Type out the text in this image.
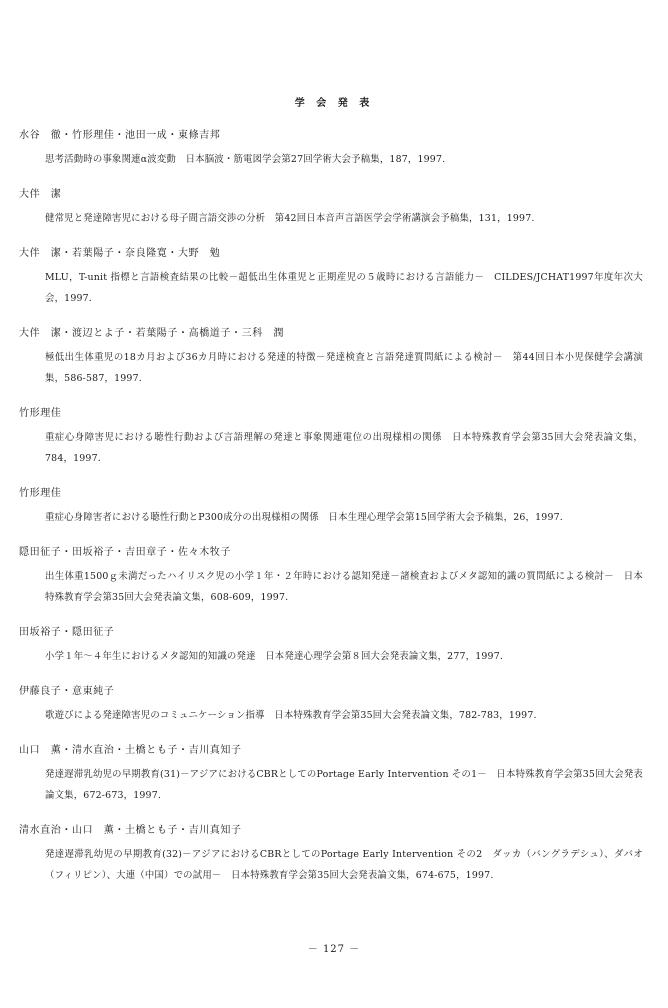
学 会 発 表
水谷　徹・竹形理佳・池田一成・東條吉邦
思考活動時の事象関連α波変動　日本脳波・筋電図学会第27回学術大会予稿集，187，1997.
大伴　潔
健常児と発達障害児における母子間言語交渉の分析　第42回日本音声言語医学会学術講演会予稿集，131，1997.
大伴　潔・若葉陽子・奈良隆寛・大野　勉
MLU，T-unit 指標と言語検査結果の比較－超低出生体重児と正期産児の５歳時における言語能力－　CILDES/JCHAT1997年度年次大会，1997.
大伴　潔・渡辺とよ子・若葉陽子・高橋道子・三科　潤
極低出生体重児の18カ月および36カ月時における発達的特徴－発達検査と言語発達質問紙による検討－　第44回日本小児保健学会講演集，586-587，1997.
竹形理佳
重症心身障害児における聴性行動および言語理解の発達と事象関連電位の出現様相の関係　日本特殊教育学会第35回大会発表論文集，784，1997.
竹形理佳
重症心身障害者における聴性行動とP300成分の出現様相の関係　日本生理心理学会第15回学術大会予稿集，26，1997.
隠田征子・田坂裕子・吉田章子・佐々木牧子
出生体重1500ｇ未満だったハイリスク児の小学１年・２年時における認知発達－諸検査およびメタ認知的識の質問紙による検討－　日本特殊教育学会第35回大会発表論文集，608-609，1997.
田坂裕子・隠田征子
小学１年～４年生におけるメタ認知的知識の発達　日本発達心理学会第８回大会発表論文集，277，1997.
伊藤良子・意東純子
歌遊びによる発達障害児のコミュニケーション指導　日本特殊教育学会第35回大会発表論文集，782-783，1997.
山口　薫・清水直治・土橋とも子・吉川真知子
発達遅滞乳幼児の早期教育(31)－アジアにおけるCBRとしてのPortage Early Intervention その1－　日本特殊教育学会第35回大会発表論文集，672-673，1997.
清水直治・山口　薫・土橋とも子・吉川真知子
発達遅滞乳幼児の早期教育(32)－アジアにおけるCBRとしてのPortage Early Intervention その2　ダッカ（バングラデシュ）、ダバオ（フィリピン）、大連（中国）での試用－　日本特殊教育学会第35回大会発表論文集，674-675，1997.
－ 127 －
